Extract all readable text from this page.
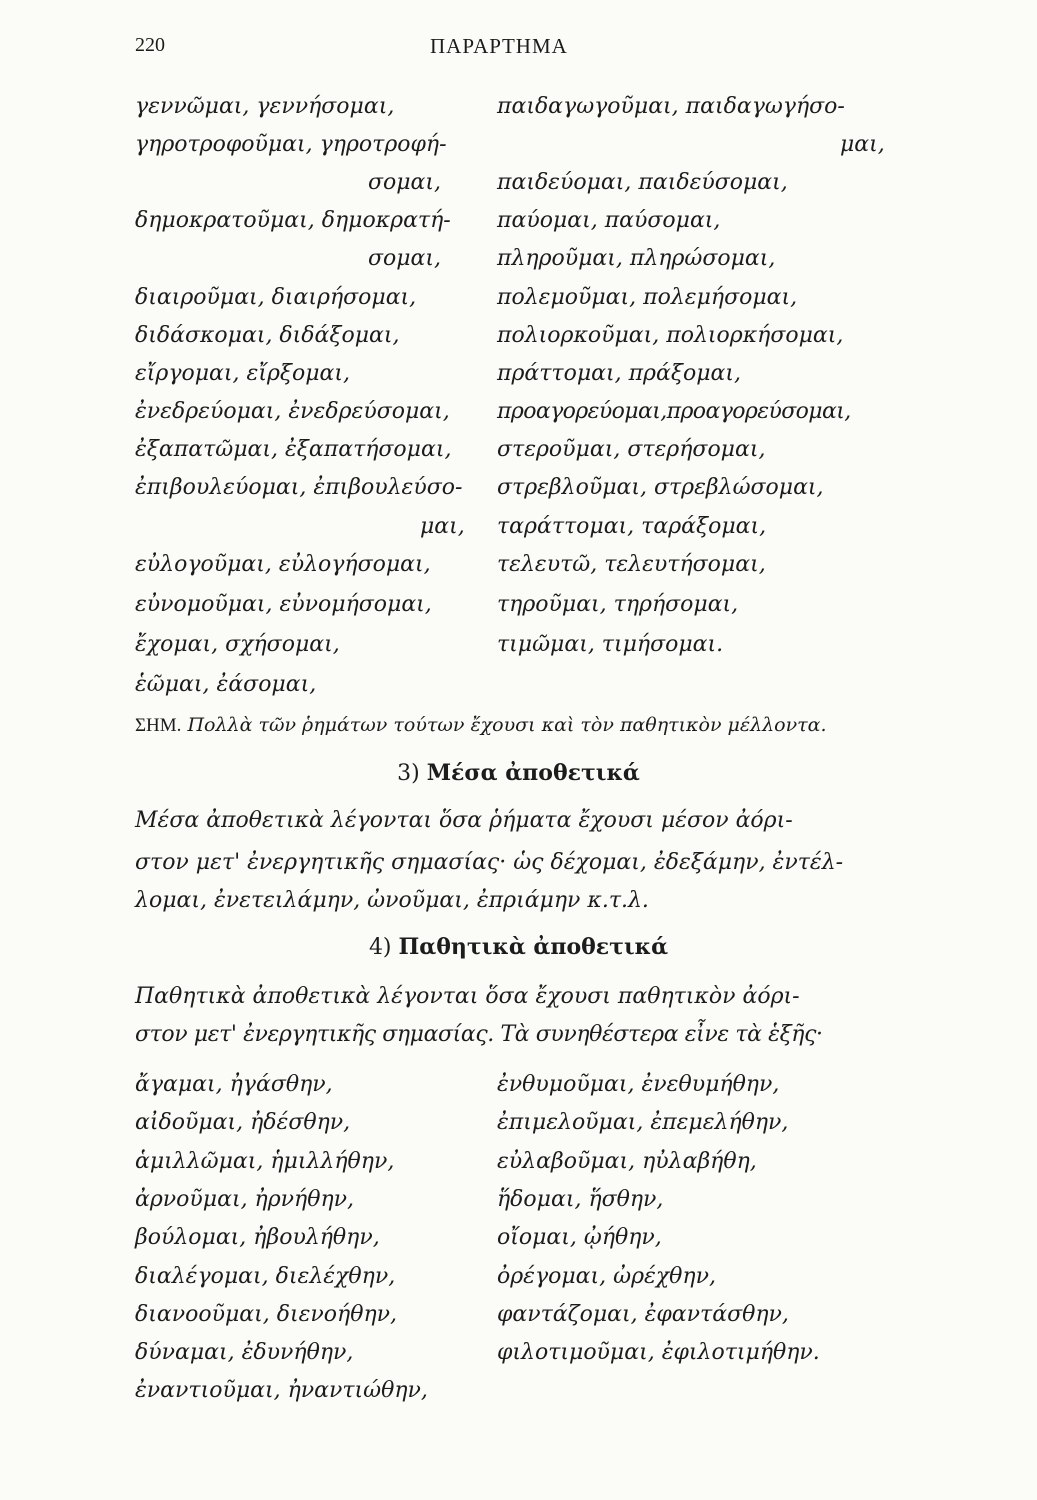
220	ΠΑΡΑΡΤΗΜΑ
γεννῶμαι, γεννήσομαι,
γηροτροφοῦμαι, γηροτροφή-
σομαι,
δημοκρατοῦμαι, δημοκρατή-
σομαι,
διαιροῦμαι, διαιρήσομαι,
διδάσκομαι, διδάξομαι,
εἴργομαι, εἴρξομαι,
ἐνεδρεύομαι, ἐνεδρεύσομαι,
ἐξαπατῶμαι, ἐξαπατήσομαι,
ἐπιβουλεύομαι, ἐπιβουλεύσο-
μαι,
εὐλογοῦμαι, εὐλογήσομαι,
εὐνομοῦμαι, εὐνομήσομαι,
ἔχομαι, σχήσομαι,
ἑῶμαι, ἐάσομαι,
παιδαγωγοῦμαι, παιδαγωγήσο-
μαι,
παιδεύομαι, παιδεύσομαι,
παύομαι, παύσομαι,
πληροῦμαι, πληρώσομαι,
πολεμοῦμαι, πολεμήσομαι,
πολιορκοῦμαι, πολιορκήσομαι,
πράττομαι, πράξομαι,
προαγορεύομαι,προαγορεύσομαι,
στεροῦμαι, στερήσομαι,
στρεβλοῦμαι, στρεβλώσομαι,
ταράττομαι, ταράξομαι,
τελευτῶ, τελευτήσομαι,
τηροῦμαι, τηρήσομαι,
τιμῶμαι, τιμήσομαι.
ΣΗΜ. Πολλὰ τῶν ῥημάτων τούτων ἔχουσι καὶ τὸν παθητικὸν μέλλοντα.
3) Μέσα ἀποθετικά
Μέσα ἀποθετικὰ λέγονται ὅσα ῥήματα ἔχουσι μέσον ἀόρι-
στον μετ' ἐνεργητικῆς σημασίας· ὡς δέχομαι, ἐδεξάμην, ἐντέλ-
λομαι, ἐνετειλάμην, ὠνοῦμαι, ἐπριάμην κ.τ.λ.
4) Παθητικὰ ἀποθετικά
Παθητικὰ ἀποθετικὰ λέγονται ὅσα ἔχουσι παθητικὸν ἀόρι-
στον μετ' ἐνεργητικῆς σημασίας. Τὰ συνηθέστερα εἶνε τὰ ἑξῆς·
ἄγαμαι, ἠγάσθην,
αἰδοῦμαι, ἠδέσθην,
ἁμιλλῶμαι, ἡμιλλήθην,
ἀρνοῦμαι, ἠρνήθην,
βούλομαι, ἠβουλήθην,
διαλέγομαι, διελέχθην,
διανοοῦμαι, διενοήθην,
δύναμαι, ἐδυνήθην,
ἐναντιοῦμαι, ἠναντιώθην,
ἐνθυμοῦμαι, ἐνεθυμήθην,
ἐπιμελοῦμαι, ἐπεμελήθην,
εὐλαβοῦμαι, ηὐλαβήθη,
ἥδομαι, ἥσθην,
οἴομαι, ᾠήθην,
ὀρέγομαι, ὠρέχθην,
φαντάζομαι, ἐφαντάσθην,
φιλοτιμοῦμαι, ἐφιλοτιμήθην.
